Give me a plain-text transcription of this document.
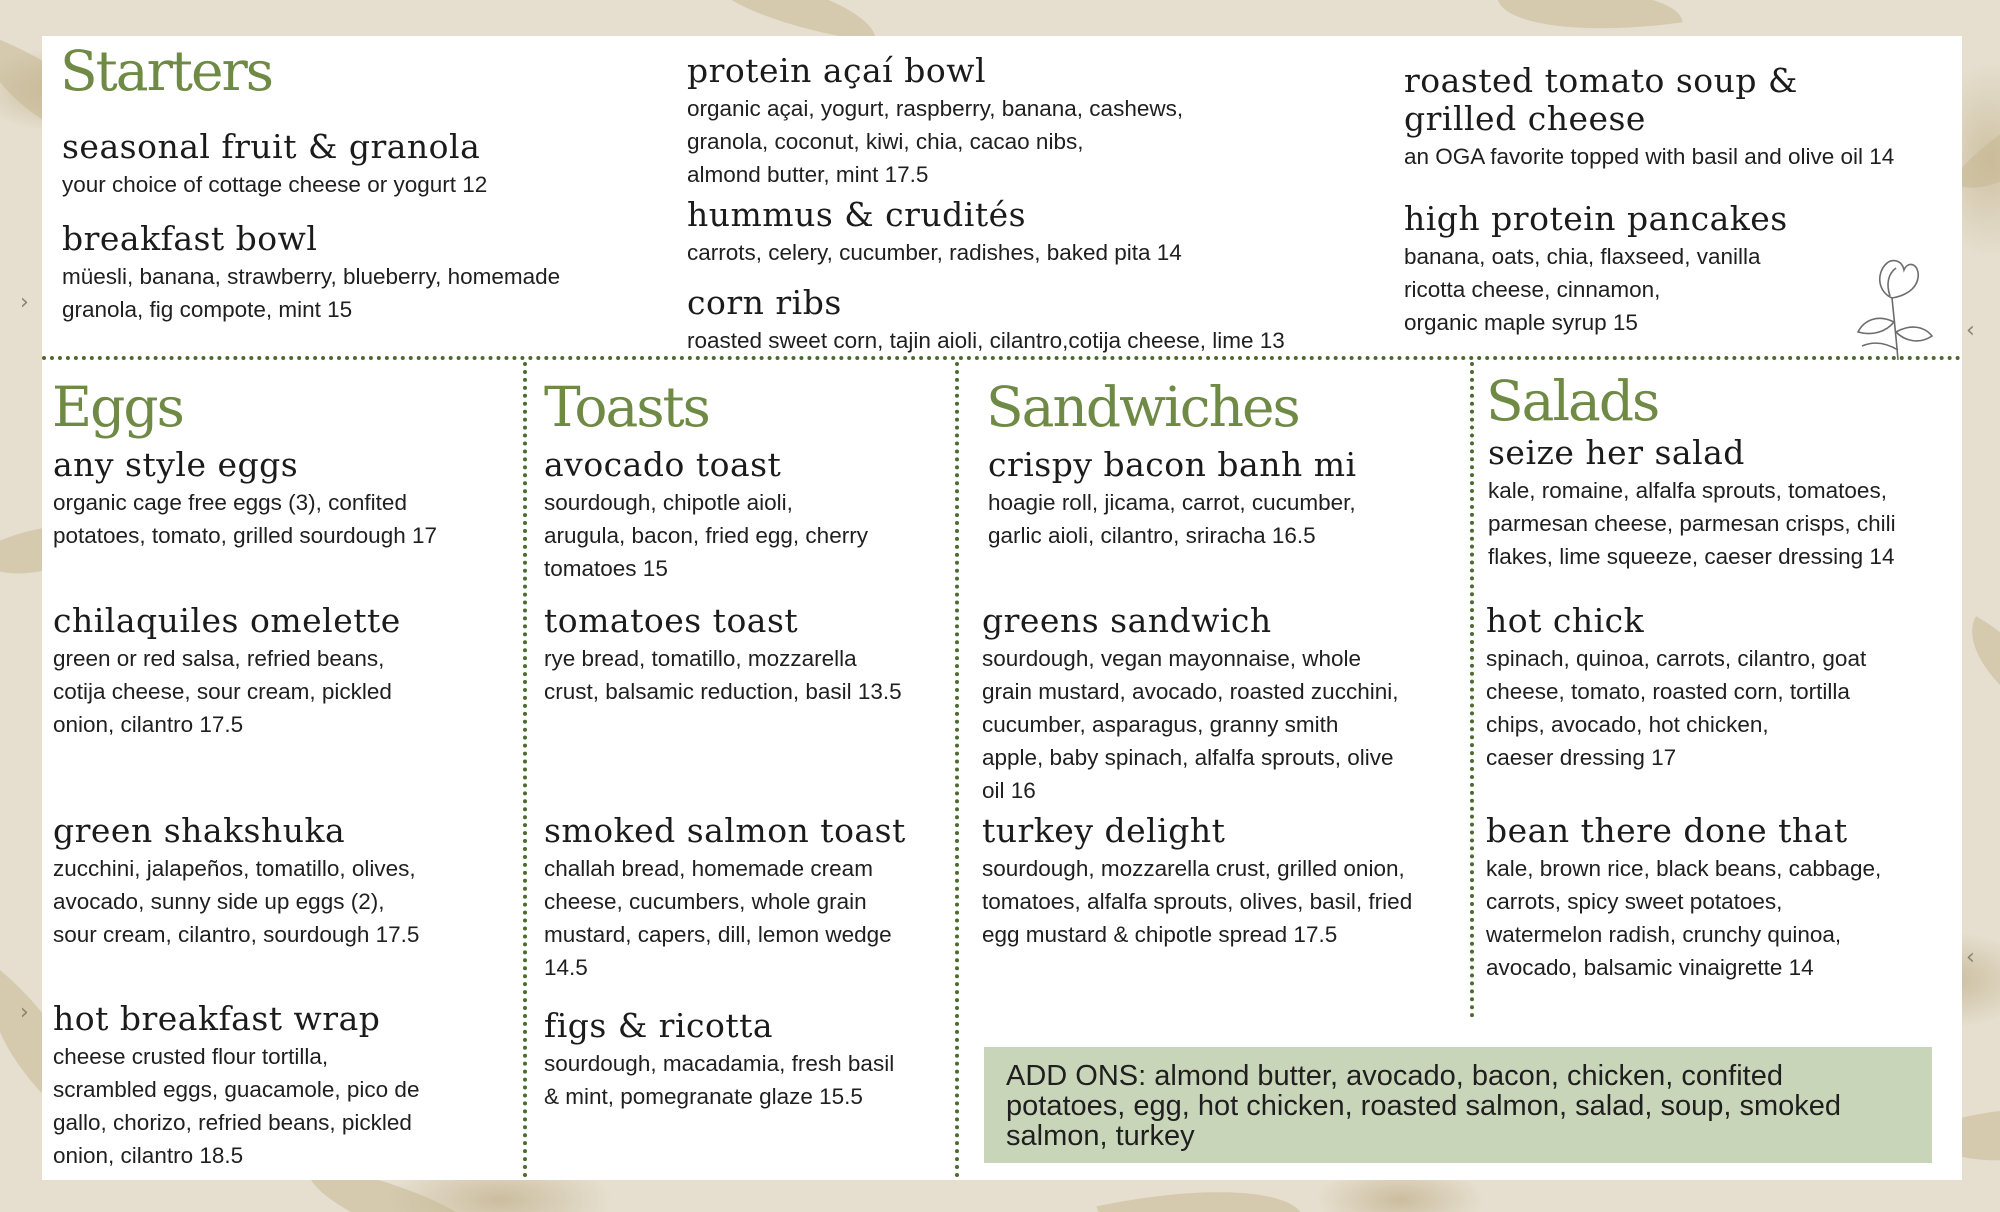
›
›
‹
‹
Starters
seasonal fruit & granola

your choice of cottage cheese or yogurt 12

breakfast bowl

müesli, banana, strawberry, blueberry, homemade
granola, fig compote, mint 15

protein açaí bowl

organic açai, yogurt, raspberry, banana, cashews,
granola, coconut, kiwi, chia, cacao nibs,
almond butter, mint 17.5

hummus & crudités

carrots, celery, cucumber, radishes, baked pita 14

corn ribs

roasted sweet corn, tajin aioli, cilantro,cotija cheese, lime 13

roasted tomato soup &
grilled cheese

an OGA favorite topped with basil and olive oil 14

high protein pancakes

banana, oats, chia, flaxseed, vanilla
ricotta cheese, cinnamon,
organic maple syrup 15

Eggs
any style eggs

organic cage free eggs (3), confited
potatoes, tomato, grilled sourdough 17

chilaquiles omelette

green or red salsa, refried beans,
cotija cheese, sour cream, pickled
onion, cilantro 17.5

green shakshuka

zucchini, jalapeños, tomatillo, olives,
avocado, sunny side up eggs (2),
sour cream, cilantro, sourdough 17.5

hot breakfast wrap

cheese crusted flour tortilla,
scrambled eggs, guacamole, pico de
gallo, chorizo, refried beans, pickled
onion, cilantro 18.5

Toasts
avocado toast

sourdough, chipotle aioli,
arugula, bacon, fried egg, cherry
tomatoes 15

tomatoes toast

rye bread, tomatillo, mozzarella
crust, balsamic reduction, basil 13.5

smoked salmon toast

challah bread, homemade cream
cheese, cucumbers, whole grain
mustard, capers, dill, lemon wedge
14.5

figs & ricotta

sourdough, macadamia, fresh basil
& mint, pomegranate glaze 15.5

Sandwiches
crispy bacon banh mi

hoagie roll, jicama, carrot, cucumber,
garlic aioli, cilantro, sriracha 16.5

greens sandwich

sourdough, vegan mayonnaise, whole
grain mustard, avocado, roasted zucchini,
cucumber, asparagus, granny smith
apple, baby spinach, alfalfa sprouts, olive
oil 16

turkey delight

sourdough, mozzarella crust, grilled onion,
tomatoes, alfalfa sprouts, olives, basil, fried
egg mustard & chipotle spread 17.5

Salads
seize her salad

kale, romaine, alfalfa sprouts, tomatoes,
parmesan cheese, parmesan crisps, chili
flakes, lime squeeze, caeser dressing 14

hot chick

spinach, quinoa, carrots, cilantro, goat
cheese, tomato, roasted corn, tortilla
chips, avocado, hot chicken,
caeser dressing 17

bean there done that

kale, brown rice, black beans, cabbage,
carrots, spicy sweet potatoes,
watermelon radish, crunchy quinoa,
avocado, balsamic vinaigrette 14

ADD ONS: almond butter, avocado, bacon, chicken, confited
potatoes, egg, hot chicken, roasted salmon, salad, soup, smoked
salmon, turkey
